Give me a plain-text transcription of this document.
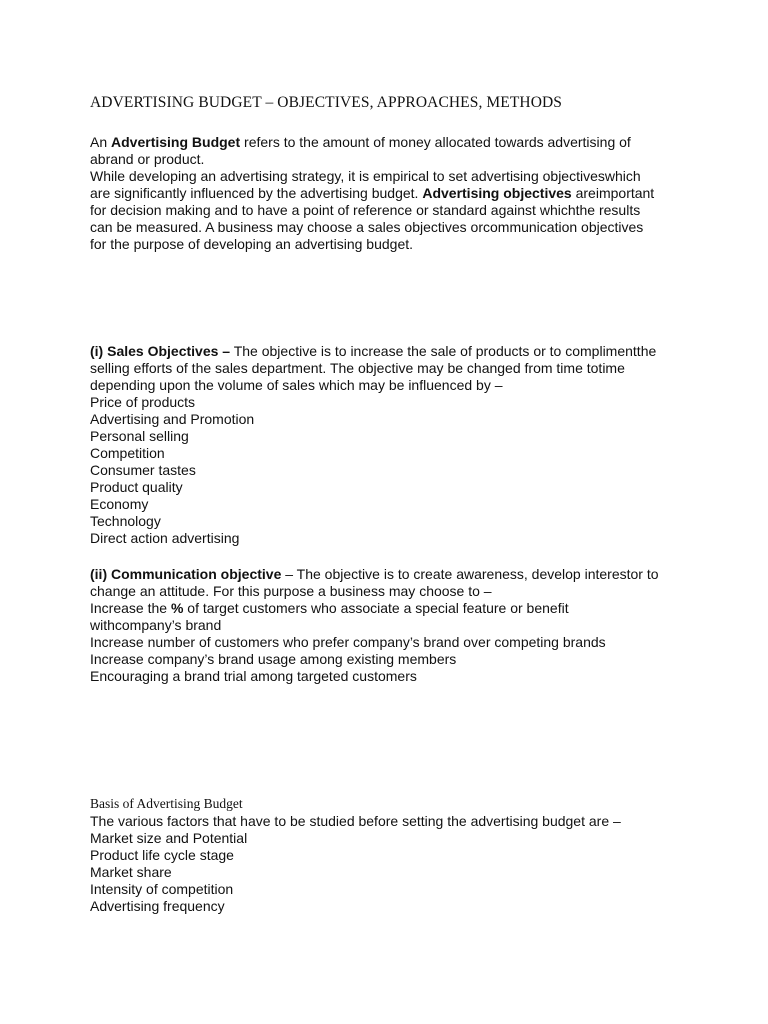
ADVERTISING BUDGET – OBJECTIVES, APPROACHES, METHODS
An Advertising Budget refers to the amount of money allocated towards advertising of
abrand or product.
While developing an advertising strategy, it is empirical to set advertising objectiveswhich
are significantly influenced by the advertising budget. Advertising objectives areimportant
for decision making and to have a point of reference or standard against whichthe results
can be measured. A business may choose a sales objectives orcommunication objectives
for the purpose of developing an advertising budget.
(i) Sales Objectives – The objective is to increase the sale of products or to complimentthe
selling efforts of the sales department. The objective may be changed from time totime
depending upon the volume of sales which may be influenced by –
Price of products
Advertising and Promotion
Personal selling
Competition
Consumer tastes
Product quality
Economy
Technology
Direct action advertising
(ii) Communication objective – The objective is to create awareness, develop interestor to
change an attitude. For this purpose a business may choose to –
Increase the % of target customers who associate a special feature or benefit
withcompany’s brand
Increase number of customers who prefer company’s brand over competing brands
Increase company’s brand usage among existing members
Encouraging a brand trial among targeted customers
Basis of Advertising Budget
The various factors that have to be studied before setting the advertising budget are –
Market size and Potential
Product life cycle stage
Market share
Intensity of competition
Advertising frequency
